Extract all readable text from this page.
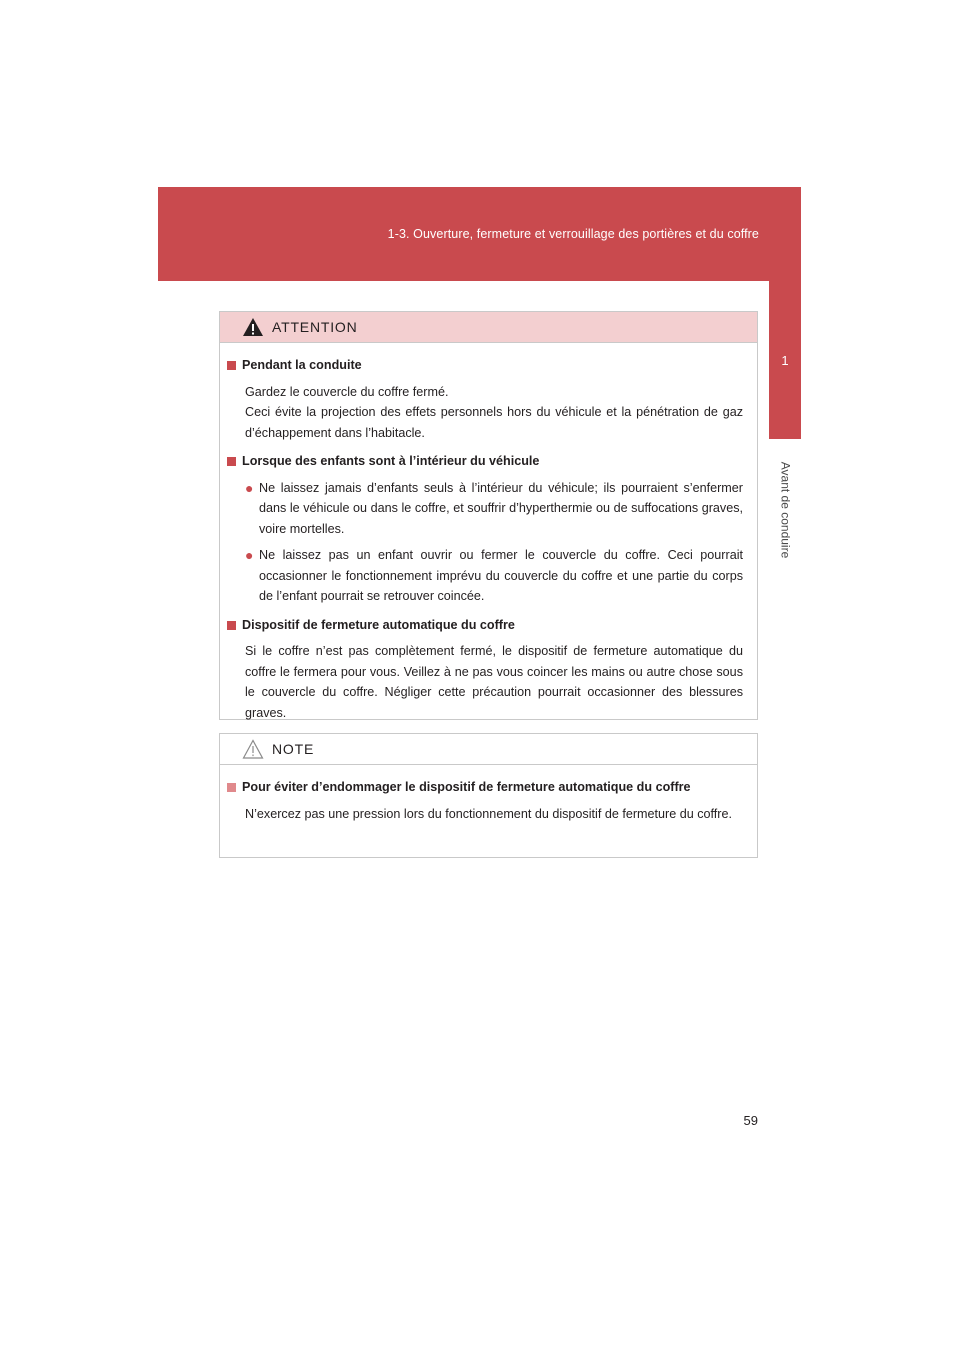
1-3. Ouverture, fermeture et verrouillage des portières et du coffre
1
Avant de conduire
ATTENTION
Pendant la conduite
Gardez le couvercle du coffre fermé.
Ceci évite la projection des effets personnels hors du véhicule et la pénétration de gaz d’échappement dans l’habitacle.
Lorsque des enfants sont à l’intérieur du véhicule
● Ne laissez jamais d’enfants seuls à l’intérieur du véhicule; ils pourraient s’enfermer dans le véhicule ou dans le coffre, et souffrir d’hyperthermie ou de suffocations graves, voire mortelles.
● Ne laissez pas un enfant ouvrir ou fermer le couvercle du coffre. Ceci pourrait occasionner le fonctionnement imprévu du couvercle du coffre et une partie du corps de l’enfant pourrait se retrouver coincée.
Dispositif de fermeture automatique du coffre
Si le coffre n’est pas complètement fermé, le dispositif de fermeture automatique du coffre le fermera pour vous. Veillez à ne pas vous coincer les mains ou autre chose sous le couvercle du coffre. Négliger cette précaution pourrait occasionner des blessures graves.
NOTE
Pour éviter d’endommager le dispositif de fermeture automatique du coffre
N’exercez pas une pression lors du fonctionnement du dispositif de fermeture du coffre.
59
